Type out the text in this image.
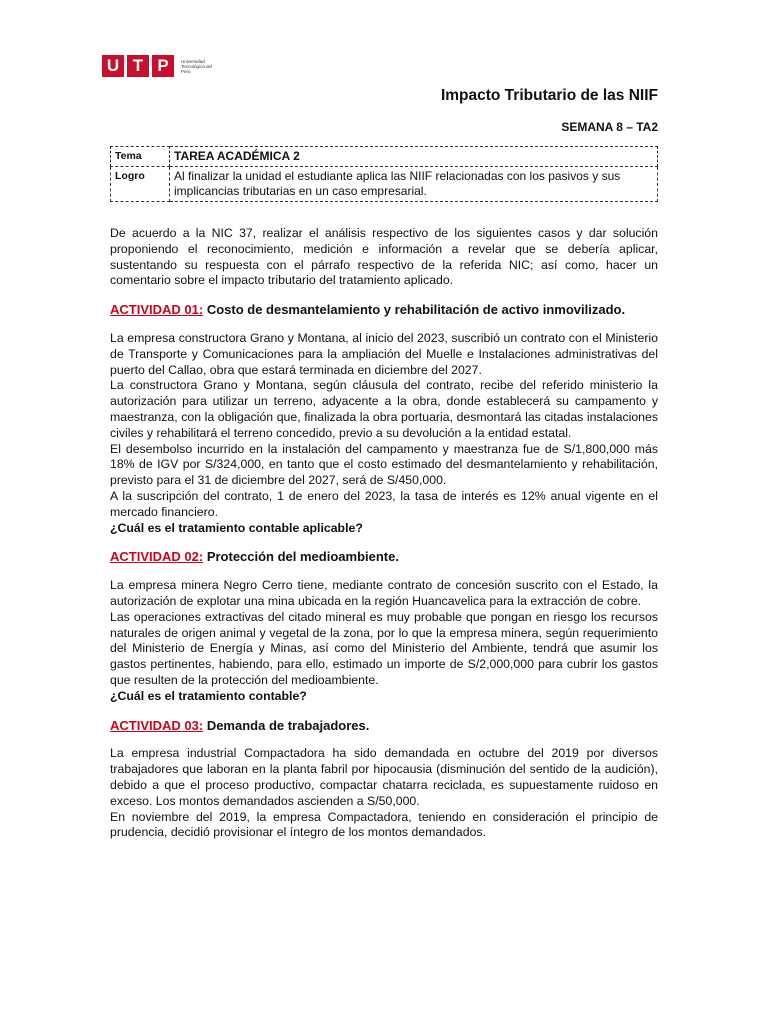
U T P	Universidad Tecnológica del Perú
Impacto Tributario de las NIIF
SEMANA 8 – TA2
Tema	TAREA ACADÉMICA 2
Logro	Al finalizar la unidad el estudiante aplica las NIIF relacionadas con los pasivos y sus implicancias tributarias en un caso empresarial.

De acuerdo a la NIC 37, realizar el análisis respectivo de los siguientes casos y dar solución proponiendo el reconocimiento, medición e información a revelar que se debería aplicar, sustentando su respuesta con el párrafo respectivo de la referida NIC; así como, hacer un comentario sobre el impacto tributario del tratamiento aplicado.

ACTIVIDAD 01: Costo de desmantelamiento y rehabilitación de activo inmovilizado.

La empresa constructora Grano y Montana, al inicio del 2023, suscribió un contrato con el Ministerio de Transporte y Comunicaciones para la ampliación del Muelle e Instalaciones administrativas del puerto del Callao, obra que estará terminada en diciembre del 2027.

La constructora Grano y Montana, según cláusula del contrato, recibe del referido ministerio la autorización para utilizar un terreno, adyacente a la obra, donde establecerá su campamento y maestranza, con la obligación que, finalizada la obra portuaria, desmontará las citadas instalaciones civiles y rehabilitará el terreno concedido, previo a su devolución a la entidad estatal.

El desembolso incurrido en la instalación del campamento y maestranza fue de S/1,800,000 más 18% de IGV por S/324,000, en tanto que el costo estimado del desmantelamiento y rehabilitación, previsto para el 31 de diciembre del 2027, será de S/450,000.

A la suscripción del contrato, 1 de enero del 2023, la tasa de interés es 12% anual vigente en el mercado financiero.

¿Cuál es el tratamiento contable aplicable?

ACTIVIDAD 02: Protección del medioambiente.

La empresa minera Negro Cerro tiene, mediante contrato de concesión suscrito con el Estado, la autorización de explotar una mina ubicada en la región Huancavelica para la extracción de cobre.

Las operaciones extractivas del citado mineral es muy probable que pongan en riesgo los recursos naturales de origen animal y vegetal de la zona, por lo que la empresa minera, según requerimiento del Ministerio de Energía y Minas, así como del Ministerio del Ambiente, tendrá que asumir los gastos pertinentes, habiendo, para ello, estimado un importe de S/2,000,000 para cubrir los gastos que resulten de la protección del medioambiente.

¿Cuál es el tratamiento contable?

ACTIVIDAD 03: Demanda de trabajadores.

La empresa industrial Compactadora ha sido demandada en octubre del 2019 por diversos trabajadores que laboran en la planta fabril por hipocausia (disminución del sentido de la audición), debido a que el proceso productivo, compactar chatarra reciclada, es supuestamente ruidoso en exceso. Los montos demandados ascienden a S/50,000.

En noviembre del 2019, la empresa Compactadora, teniendo en consideración el principio de prudencia, decidió provisionar el íntegro de los montos demandados.
